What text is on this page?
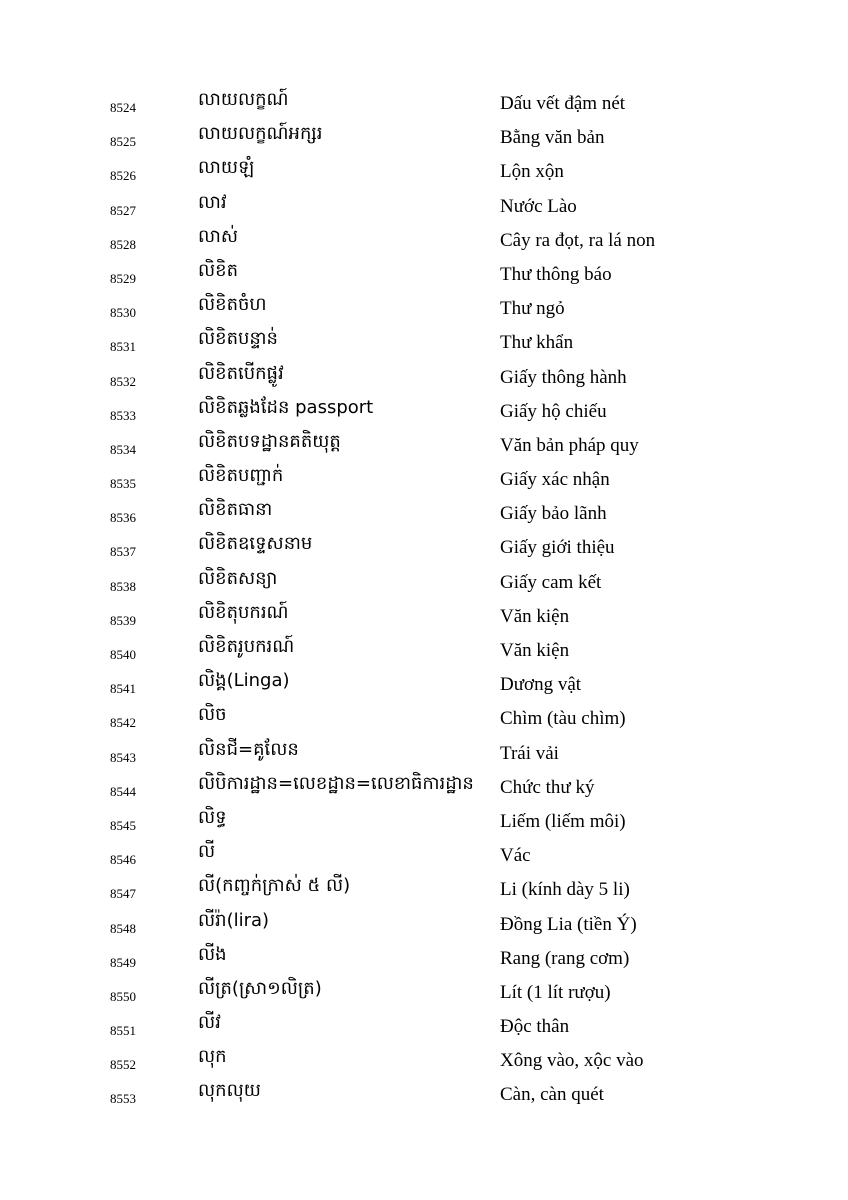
8524	លាយលក្ខណ៍	Dấu vết đậm nét
8525	លាយលក្ខណ៍អក្សរ	Bằng văn bản
8526	លាយឡំ	Lộn xộn
8527	លាវ	Nước Lào
8528	លាស់	Cây ra đọt, ra lá non
8529	លិខិត	Thư thông báo
8530	លិខិតចំហ	Thư ngỏ
8531	លិខិតបន្ទាន់	Thư khẩn
8532	លិខិតបើកផ្លូវ	Giấy thông hành
8533	លិខិតឆ្លងដែន passport	Giấy hộ chiếu
8534	លិខិតបទដ្ឋានគតិយុត្ត	Văn bản pháp quy
8535	លិខិតបញ្ជាក់	Giấy xác nhận
8536	លិខិតធានា	Giấy bảo lãnh
8537	លិខិតឧទ្ទេសនាម	Giấy giới thiệu
8538	លិខិតសន្យា	Giấy cam kết
8539	លិខិតុបករណ៍	Văn kiện
8540	លិខិតរូបករណ៍	Văn kiện
8541	លិង្គ(Linga)	Dương vật
8542	លិច	Chìm (tàu chìm)
8543	លិនជី=គូលែន	Trái vải
8544	លិបិការដ្ឋាន=លេខដ្ឋាន=លេខាធិការដ្ឋាន Chức thư ký
8545	លិទ្ធ	Liếm (liếm môi)
8546	លី	Vác
8547	លី(កញ្ចក់ក្រាស់ ៥ លី)	Li (kính dày 5 li)
8548	លីរ៉ា(lira)	Đồng Lia (tiền Ý)
8549	លីង	Rang (rang cơm)
8550	លីត្រ(ស្រា១លិត្រ)	Lít (1 lít rượu)
8551	លីវ	Độc thân
8552	លុក	Xông vào, xộc vào
8553	លុកលុយ	Càn, càn quét
